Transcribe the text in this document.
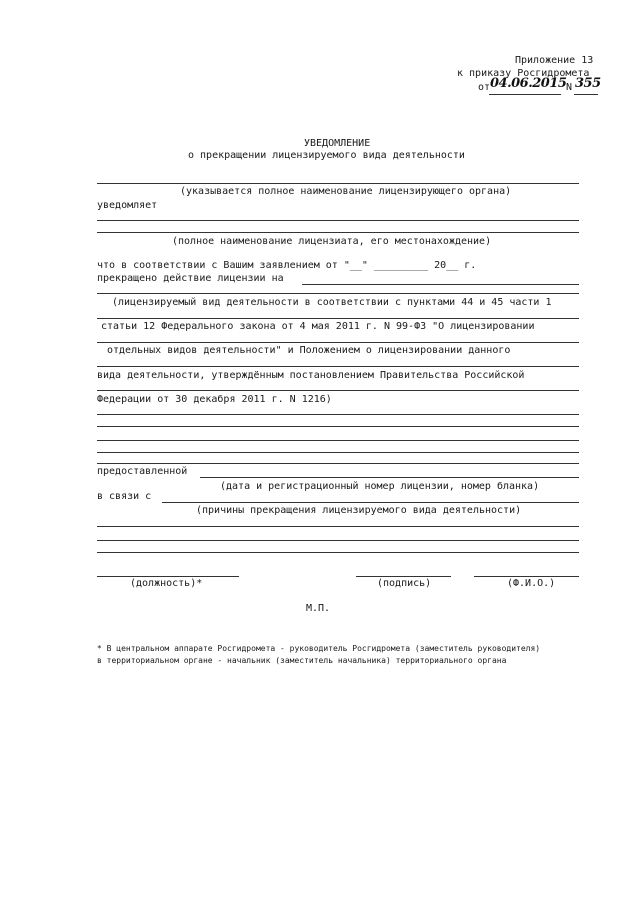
Приложение 13
к приказу Росгидромета
от 04.06.2015 N 355
УВЕДОМЛЕНИЕ
о прекращении лицензируемого вида деятельности
(указывается полное наименование лицензирующего органа)
уведомляет
(полное наименование лицензиата, его местонахождение)
что в соответствии с Вашим заявлением от "__" _________ 20__ г.
прекращено действие лицензии на
(лицензируемый вид деятельности в соответствии с пунктами 44 и 45 части 1
статьи 12 Федерального закона от 4 мая 2011 г. N 99-ФЗ "О лицензировании
отдельных видов деятельности" и Положением о лицензировании данного
вида деятельности, утверждённым постановлением Правительства Российской
Федерации от 30 декабря 2011 г. N 1216)
предоставленной
(дата и регистрационный номер лицензии, номер бланка)
в связи с
(причины прекращения лицензируемого вида деятельности)
(должность)*	(подпись)	(Ф.И.О.)
М.П.
* В центральном аппарате Росгидромета - руководитель Росгидромета (заместитель руководителя)
в территориальном органе - начальник (заместитель начальника) территориального органа
